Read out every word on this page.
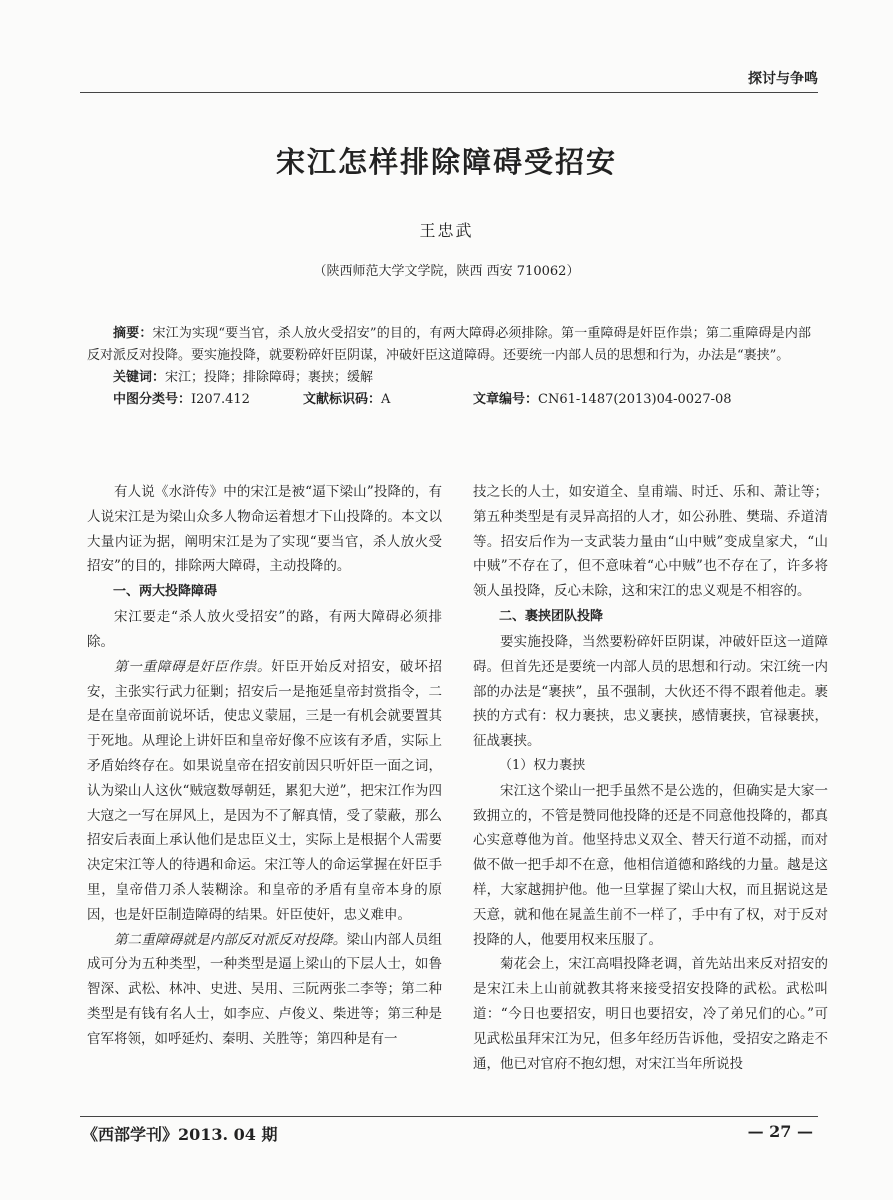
探讨与争鸣
宋江怎样排除障碍受招安
王忠武
（陕西师范大学文学院，陕西 西安 710062）

摘要：宋江为实现“要当官，杀人放火受招安”的目的，有两大障碍必须排除。第一重障碍是奸臣作祟；第二重障碍是内部反对派反对投降。要实施投降，就要粉碎奸臣阴谋，冲破奸臣这道障碍。还要统一内部人员的思想和行为，办法是“裹挟”。

关键词：宋江；投降；排除障碍；裹挟；缓解
中图分类号：I207.412	文献标识码：A	文章编号：CN61-1487(2013)04-0027-08

有人说《水浒传》中的宋江是被“逼下梁山”投降的，有人说宋江是为梁山众多人物命运着想才下山投降的。本文以大量内证为据，阐明宋江是为了实现“要当官，杀人放火受招安”的目的，排除两大障碍，主动投降的。

一、两大投降障碍

宋江要走“杀人放火受招安”的路，有两大障碍必须排除。

第一重障碍是奸臣作祟。奸臣开始反对招安，破坏招安，主张实行武力征剿；招安后一是拖延皇帝封赏指令，二是在皇帝面前说坏话，使忠义蒙屈，三是一有机会就要置其于死地。从理论上讲奸臣和皇帝好像不应该有矛盾，实际上矛盾始终存在。如果说皇帝在招安前因只听奸臣一面之词，认为梁山人这伙“贼寇数辱朝廷，累犯大逆”，把宋江作为四大寇之一写在屏风上，是因为不了解真情，受了蒙蔽，那么招安后表面上承认他们是忠臣义士，实际上是根据个人需要决定宋江等人的待遇和命运。宋江等人的命运掌握在奸臣手里，皇帝借刀杀人装糊涂。和皇帝的矛盾有皇帝本身的原因，也是奸臣制造障碍的结果。奸臣使奸，忠义难申。

第二重障碍就是内部反对派反对投降。梁山内部人员组成可分为五种类型，一种类型是逼上梁山的下层人士，如鲁智深、武松、林冲、史进、吴用、三阮两张二李等；第二种类型是有钱有名人士，如李应、卢俊义、柴进等；第三种是官军将领，如呼延灼、秦明、关胜等；第四种是有一

技之长的人士，如安道全、皇甫端、时迁、乐和、萧让等；第五种类型是有灵异高招的人才，如公孙胜、樊瑞、乔道清等。招安后作为一支武装力量由“山中贼”变成皇家犬，“山中贼”不存在了，但不意味着“心中贼”也不存在了，许多将领人虽投降，反心未除，这和宋江的忠义观是不相容的。

二、裹挟团队投降

要实施投降，当然要粉碎奸臣阴谋，冲破奸臣这一道障碍。但首先还是要统一内部人员的思想和行动。宋江统一内部的办法是“裹挟”，虽不强制，大伙还不得不跟着他走。裹挟的方式有：权力裹挟，忠义裹挟，感情裹挟，官禄裹挟，征战裹挟。

（1）权力裹挟

宋江这个梁山一把手虽然不是公选的，但确实是大家一致拥立的，不管是赞同他投降的还是不同意他投降的，都真心实意尊他为首。他坚持忠义双全、替天行道不动摇，而对做不做一把手却不在意，他相信道德和路线的力量。越是这样，大家越拥护他。他一旦掌握了梁山大权，而且据说这是天意，就和他在晁盖生前不一样了，手中有了权，对于反对投降的人，他要用权来压服了。

菊花会上，宋江高唱投降老调，首先站出来反对招安的是宋江未上山前就教其将来接受招安投降的武松。武松叫道：“今日也要招安，明日也要招安，冷了弟兄们的心。”可见武松虽拜宋江为兄，但多年经历告诉他，受招安之路走不通，他已对官府不抱幻想，对宋江当年所说投

《西部学刊》2013. 04 期	— 27 —
